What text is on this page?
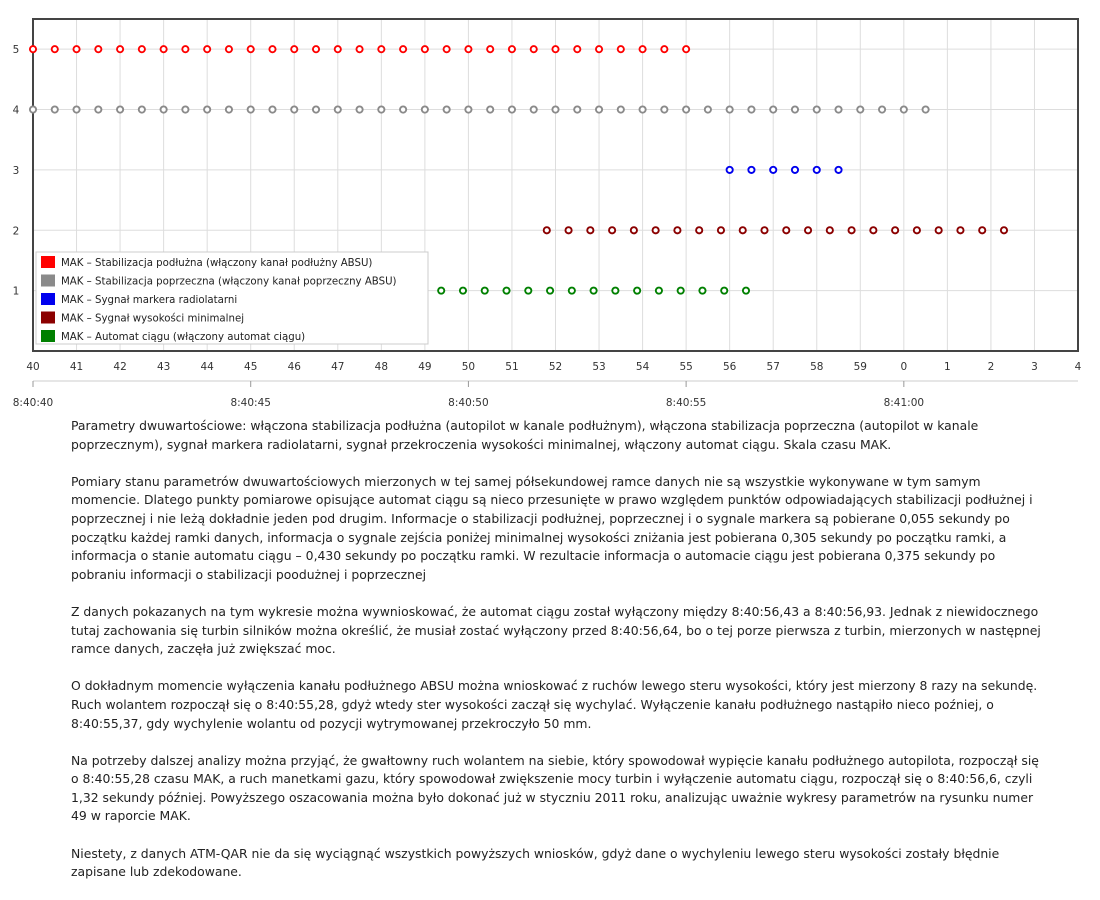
1
2
3
4
5
40	41	42	43	44	45	46	47	48	49	50	51	52	53	54	55	56	57	58	59	0	1	2	3	4
8:40:40	8:40:45	8:40:50	8:40:55	8:41:00
MAK – Stabilizacja podłużna (włączony kanał podłużny ABSU)
MAK – Stabilizacja poprzeczna (włączony kanał poprzeczny ABSU)
MAK – Sygnał markera radiolatarni
MAK – Sygnał wysokości minimalnej
MAK – Automat ciągu (włączony automat ciągu)

Parametry dwuwartościowe: włączona stabilizacja podłużna (autopilot w kanale podłużnym), włączona stabilizacja poprzeczna (autopilot w kanale poprzecznym), sygnał markera radiolatarni, sygnał przekroczenia wysokości minimalnej, włączony automat ciągu. Skala czasu MAK.

Pomiary stanu parametrów dwuwartościowych mierzonych w tej samej półsekundowej ramce danych nie są wszystkie wykonywane w tym samym momencie. Dlatego punkty pomiarowe opisujące automat ciągu są nieco przesunięte w prawo względem punktów odpowiadających stabilizacji podłużnej i poprzecznej i nie leżą dokładnie jeden pod drugim. Informacje o stabilizacji podłużnej, poprzecznej i o sygnale markera są pobierane 0,055 sekundy po początku każdej ramki danych, informacja o sygnale zejścia poniżej minimalnej wysokości zniżania jest pobierana 0,305 sekundy po początku ramki, a informacja o stanie automatu ciągu – 0,430 sekundy po początku ramki. W rezultacie informacja o automacie ciągu jest pobierana 0,375 sekundy po pobraniu informacji o stabilizacji poodużnej i poprzecznej

Z danych pokazanych na tym wykresie można wywnioskować, że automat ciągu został wyłączony między 8:40:56,43 a 8:40:56,93. Jednak z niewidocznego tutaj zachowania się turbin silników można określić, że musiał zostać wyłączony przed 8:40:56,64, bo o tej porze pierwsza z turbin, mierzonych w następnej ramce danych, zaczęła już zwiększać moc.

O dokładnym momencie wyłączenia kanału podłużnego ABSU można wnioskować z ruchów lewego steru wysokości, który jest mierzony 8 razy na sekundę. Ruch wolantem rozpoczął się o 8:40:55,28, gdyż wtedy ster wysokości zaczął się wychylać. Wyłączenie kanału podłużnego nastąpiło nieco poźniej, o 8:40:55,37, gdy wychylenie wolantu od pozycji wytrymowanej przekroczyło 50 mm.

Na potrzeby dalszej analizy można przyjąć, że gwałtowny ruch wolantem na siebie, który spowodował wypięcie kanału podłużnego autopilota, rozpoczął się o 8:40:55,28 czasu MAK, a ruch manetkami gazu, który spowodował zwiększenie mocy turbin i wyłączenie automatu ciągu, rozpoczął się o 8:40:56,6, czyli 1,32 sekundy później. Powyższego oszacowania można było dokonać już w styczniu 2011 roku, analizując uważnie wykresy parametrów na rysunku numer 49 w raporcie MAK.

Niestety, z danych ATM-QAR nie da się wyciągnąć wszystkich powyższych wniosków, gdyż dane o wychyleniu lewego steru wysokości zostały błędnie zapisane lub zdekodowane.
